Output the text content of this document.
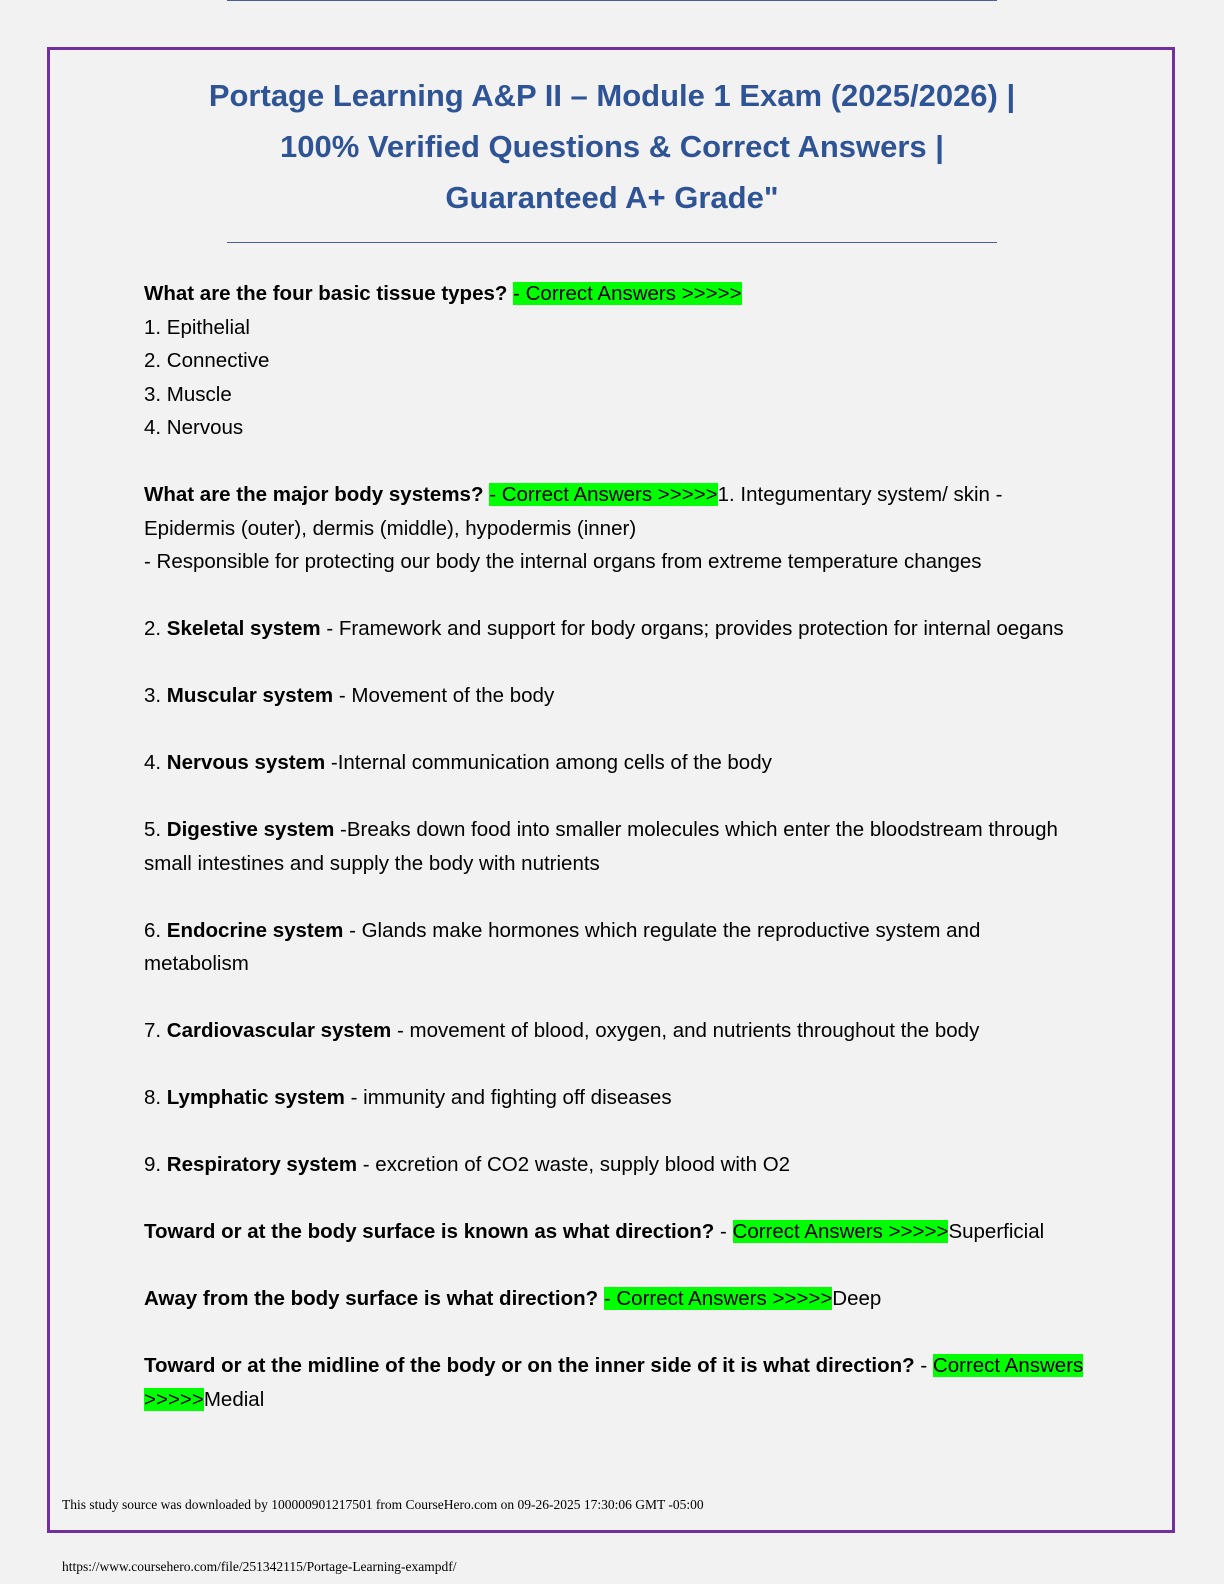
Portage Learning A&P II – Module 1 Exam (2025/2026) | 100% Verified Questions & Correct Answers | Guaranteed A+ Grade"

What are the four basic tissue types? - Correct Answers >>>>>

1. Epithelial

2. Connective

3. Muscle

4. Nervous

What are the major body systems? - Correct Answers >>>>>1. Integumentary system/ skin - Epidermis (outer), dermis (middle), hypodermis (inner)

- Responsible for protecting our body the internal organs from extreme temperature changes

2. Skeletal system - Framework and support for body organs; provides protection for internal oegans

3. Muscular system - Movement of the body

4. Nervous system -Internal communication among cells of the body

5. Digestive system -Breaks down food into smaller molecules which enter the bloodstream through small intestines and supply the body with nutrients

6. Endocrine system - Glands make hormones which regulate the reproductive system and metabolism

7. Cardiovascular system - movement of blood, oxygen, and nutrients throughout the body

8. Lymphatic system - immunity and fighting off diseases

9. Respiratory system - excretion of CO2 waste, supply blood with O2

Toward or at the body surface is known as what direction? - Correct Answers >>>>>Superficial

Away from the body surface is what direction? - Correct Answers >>>>>Deep

Toward or at the midline of the body or on the inner side of it is what direction? - Correct Answers >>>>>Medial

This study source was downloaded by 100000901217501 from CourseHero.com on 09-26-2025 17:30:06 GMT -05:00
https://www.coursehero.com/file/251342115/Portage-Learning-exampdf/
